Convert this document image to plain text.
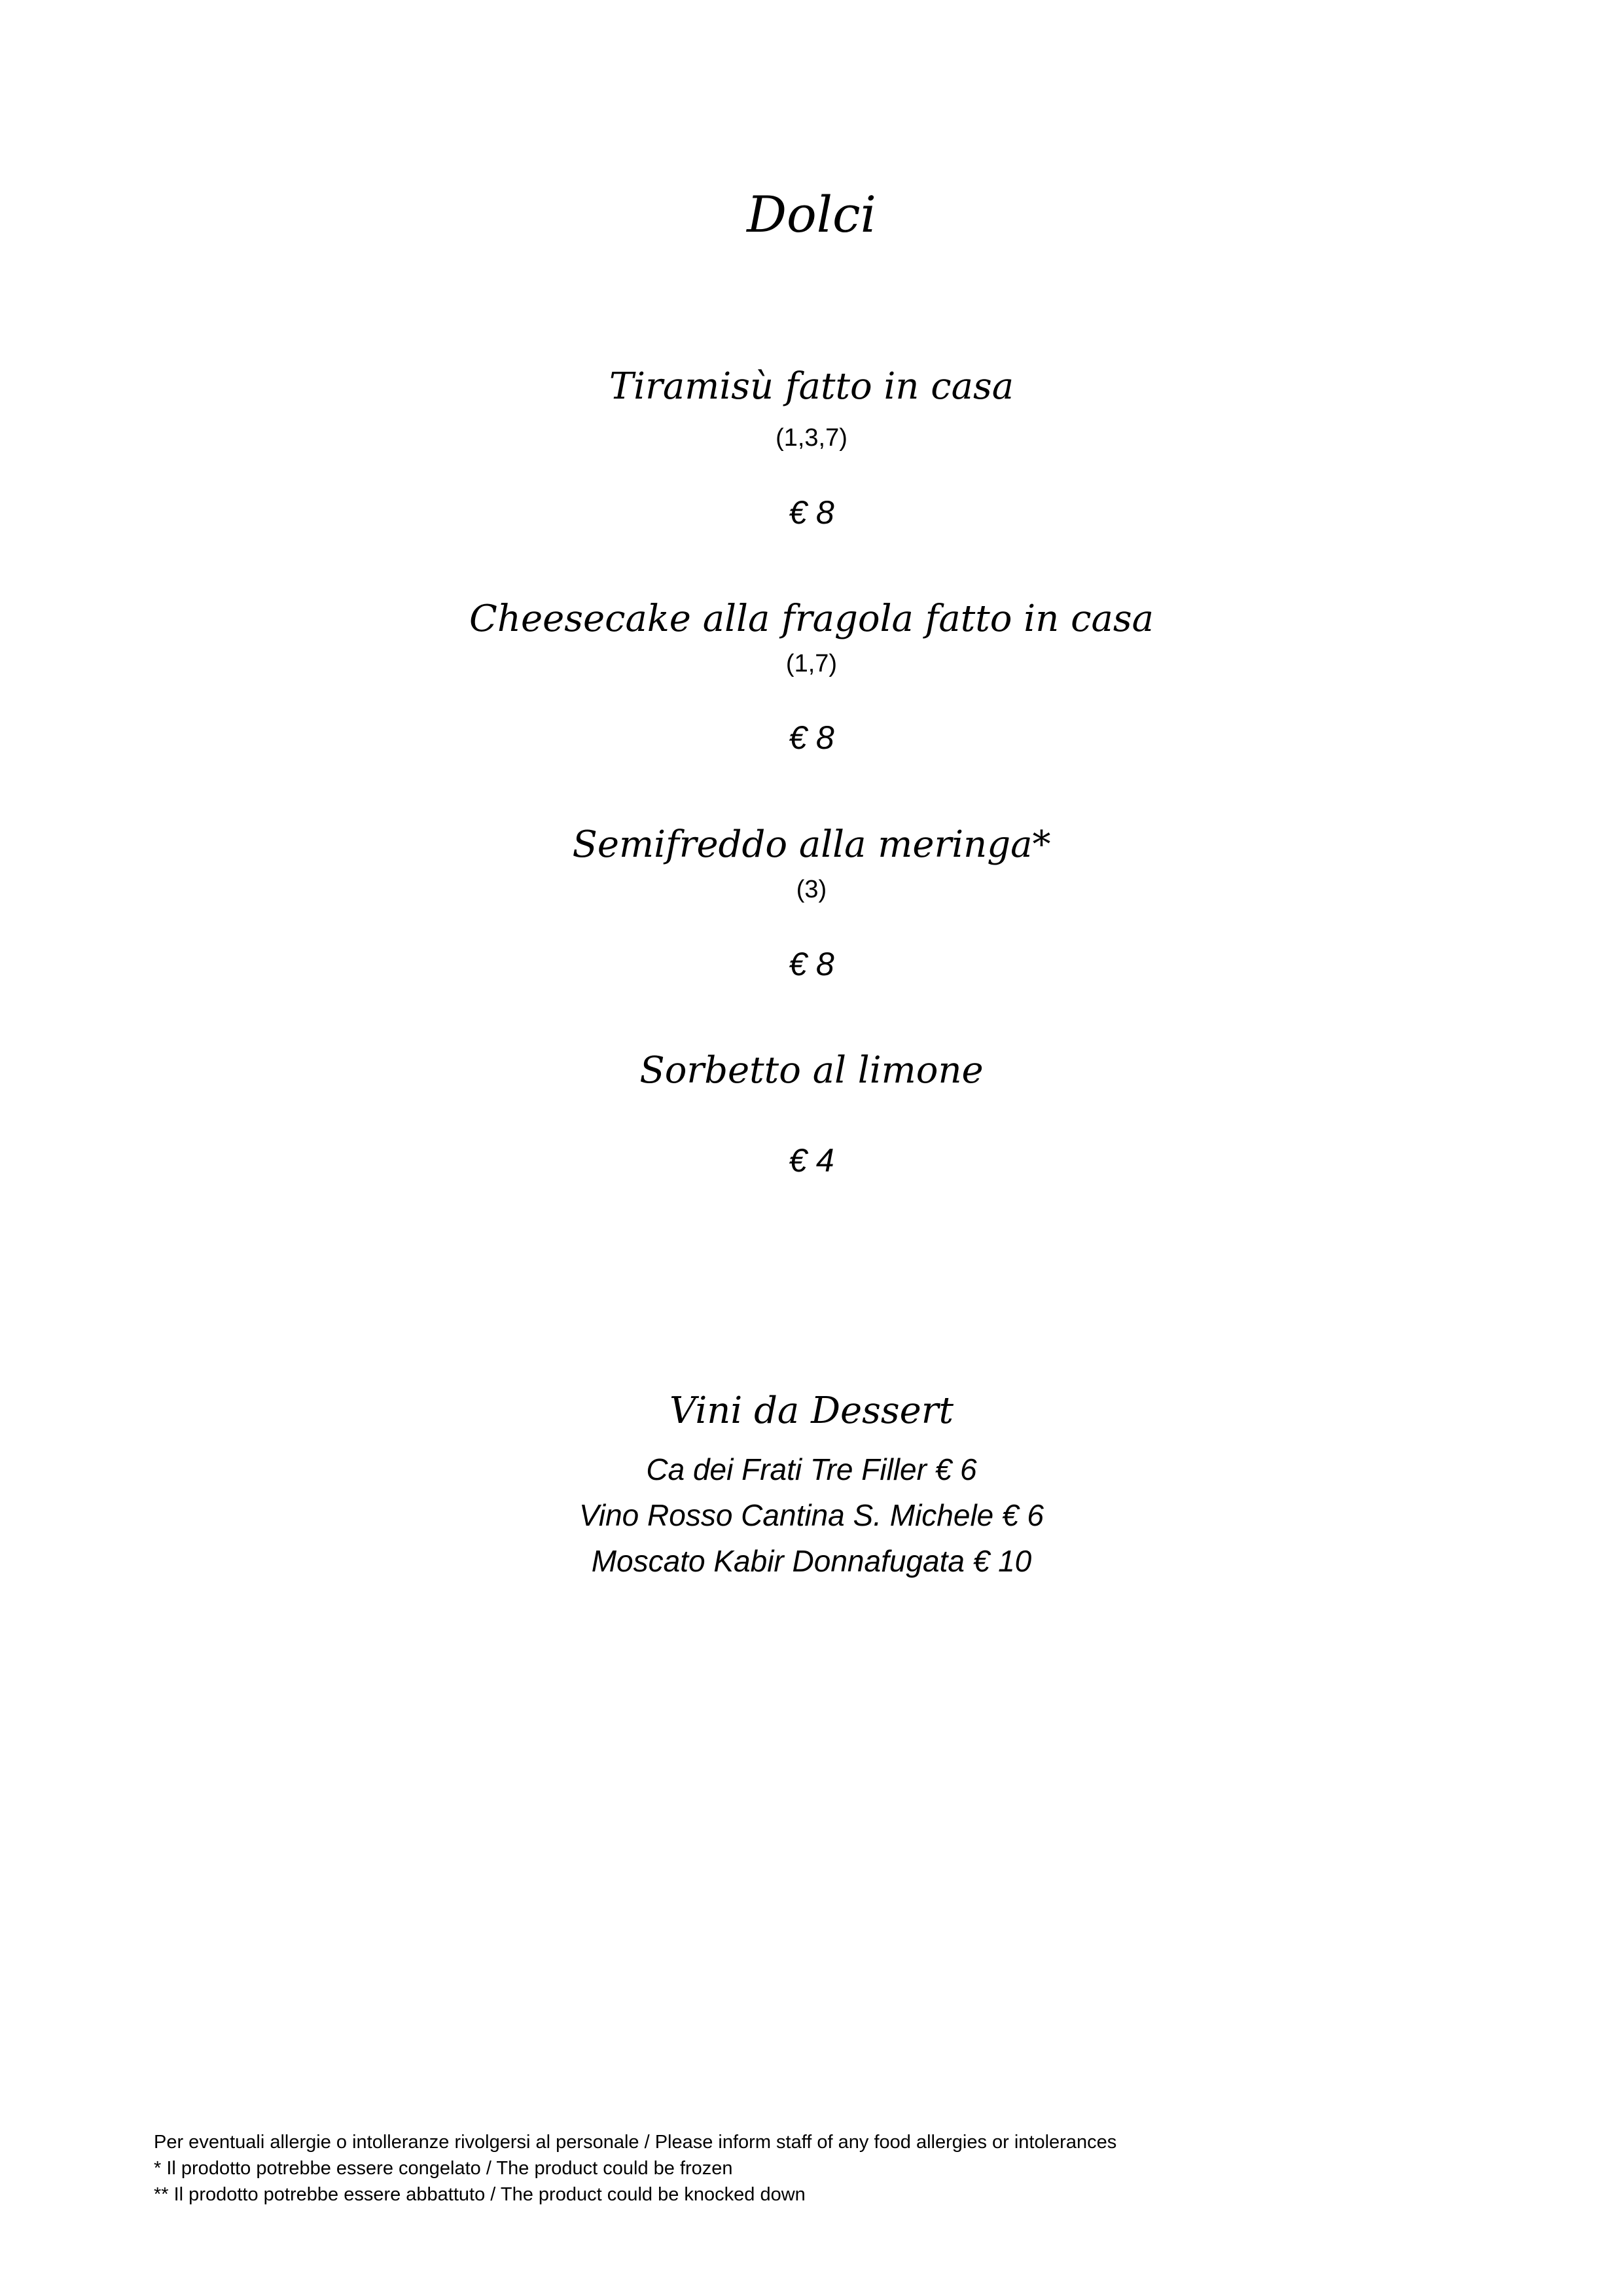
Dolci
Tiramisù fatto in casa
(1,3,7)
€ 8
Cheesecake alla fragola fatto in casa
(1,7)
€ 8
Semifreddo alla meringa*
(3)
€ 8
Sorbetto al limone
€ 4
Vini da Dessert
Ca dei Frati Tre Filler € 6
Vino Rosso Cantina S. Michele € 6
Moscato Kabir Donnafugata € 10
Per eventuali allergie o intolleranze rivolgersi al personale / Please inform staff of any food allergies or intolerances
* Il prodotto potrebbe essere congelato / The product could be frozen
** Il prodotto potrebbe essere abbattuto / The product could be knocked down
